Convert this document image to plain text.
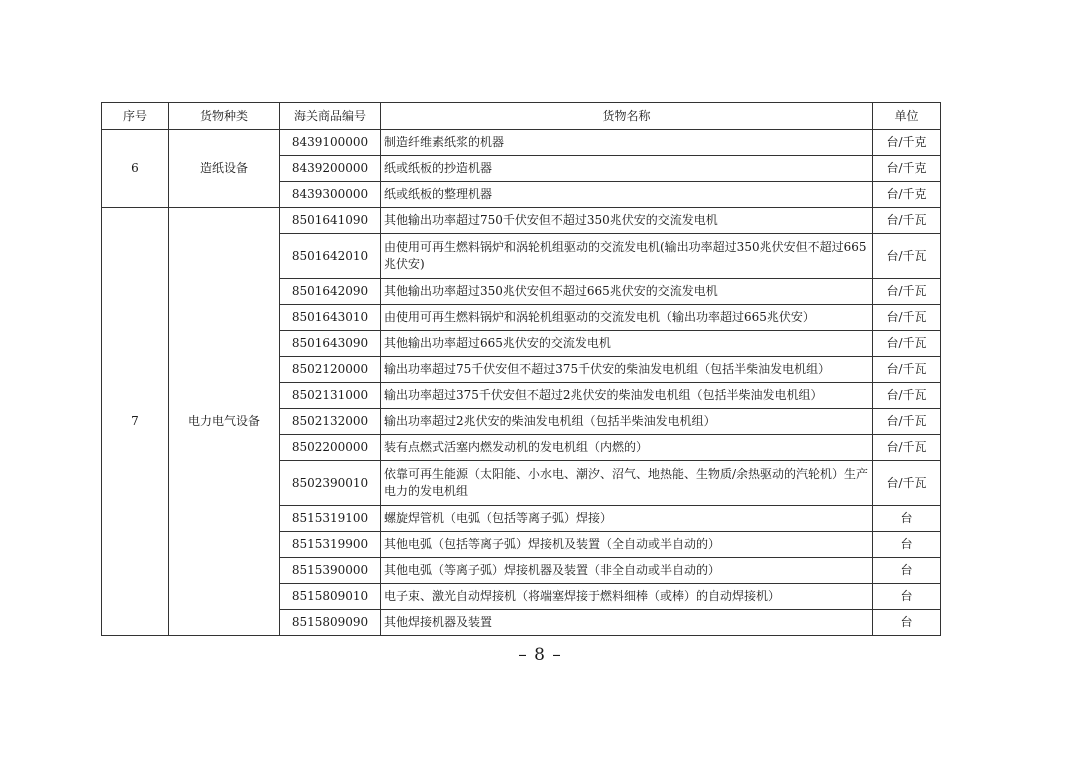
序号	货物种类	海关商品编号	货物名称	单位
6	造纸设备	8439100000	制造纤维素纸浆的机器	台/千克
		8439200000	纸或纸板的抄造机器	台/千克
		8439300000	纸或纸板的整理机器	台/千克
7	电力电气设备	8501641090	其他输出功率超过750千伏安但不超过350兆伏安的交流发电机	台/千瓦
		8501642010	由使用可再生燃料锅炉和涡轮机组驱动的交流发电机(输出功率超过350兆伏安但不超过665兆伏安)	台/千瓦
		8501642090	其他输出功率超过350兆伏安但不超过665兆伏安的交流发电机	台/千瓦
		8501643010	由使用可再生燃料锅炉和涡轮机组驱动的交流发电机（输出功率超过665兆伏安）	台/千瓦
		8501643090	其他输出功率超过665兆伏安的交流发电机	台/千瓦
		8502120000	输出功率超过75千伏安但不超过375千伏安的柴油发电机组（包括半柴油发电机组）	台/千瓦
		8502131000	输出功率超过375千伏安但不超过2兆伏安的柴油发电机组（包括半柴油发电机组）	台/千瓦
		8502132000	输出功率超过2兆伏安的柴油发电机组（包括半柴油发电机组）	台/千瓦
		8502200000	装有点燃式活塞内燃发动机的发电机组（内燃的）	台/千瓦
		8502390010	依靠可再生能源（太阳能、小水电、潮汐、沼气、地热能、生物质/余热驱动的汽轮机）生产电力的发电机组	台/千瓦
		8515319100	螺旋焊管机（电弧（包括等离子弧）焊接）	台
		8515319900	其他电弧（包括等离子弧）焊接机及装置（全自动或半自动的）	台
		8515390000	其他电弧（等离子弧）焊接机器及装置（非全自动或半自动的）	台
		8515809010	电子束、激光自动焊接机（将端塞焊接于燃料细棒（或棒）的自动焊接机）	台
		8515809090	其他焊接机器及装置	台
– 8 –
